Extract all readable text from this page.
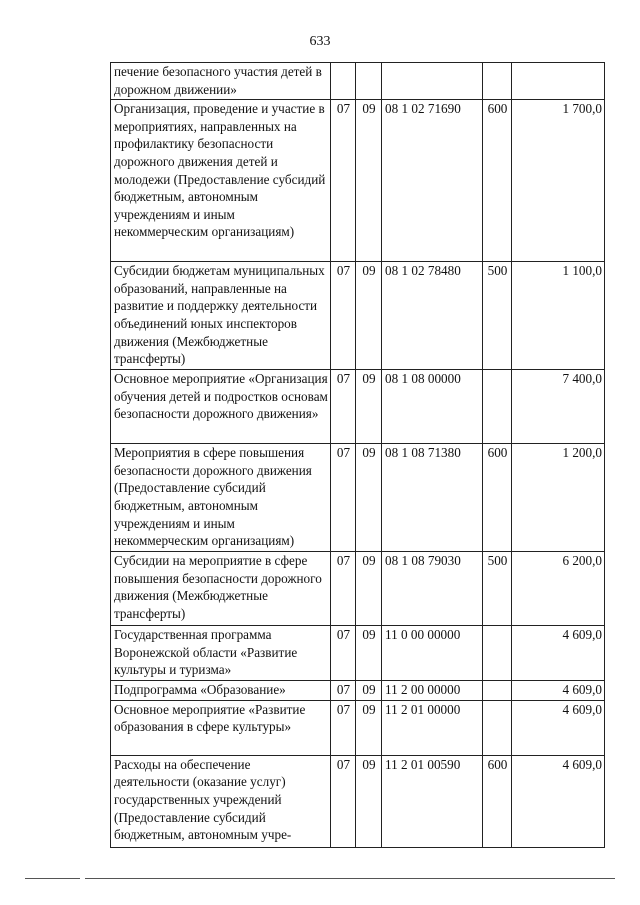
633
печение безопасного участия детей в дорожном движении»					
Организация, проведение и участие в мероприятиях, направленных на профилактику безопасности дорожного движения детей и молодежи (Предоставление субсидий бюджетным, автономным учреждениям и иным некоммерческим организациям)	07	09	08 1 02 71690	600	1 700,0
Субсидии бюджетам муниципальных образований, направленные на развитие и поддержку деятельности объединений юных инспекторов движения (Межбюджетные трансферты)	07	09	08 1 02 78480	500	1 100,0
Основное мероприятие «Организация обучения детей и подростков основам безопасности дорожного движения»	07	09	08 1 08 00000		7 400,0
Мероприятия в сфере повышения безопасности дорожного движения (Предоставление субсидий бюджетным, автономным учреждениям и иным некоммерческим организациям)	07	09	08 1 08 71380	600	1 200,0
Субсидии на мероприятие в сфере повышения безопасности дорожного движения (Межбюджетные трансферты)	07	09	08 1 08 79030	500	6 200,0
Государственная программа Воронежской области «Развитие культуры и туризма»	07	09	11 0 00 00000		4 609,0
Подпрограмма «Образование»	07	09	11 2 00 00000		4 609,0
Основное мероприятие «Развитие образования в сфере культуры»	07	09	11 2 01 00000		4 609,0
Расходы на обеспечение деятельности (оказание услуг) государственных учреждений (Предоставление субсидий бюджетным, автономным учре-	07	09	11 2 01 00590	600	4 609,0
